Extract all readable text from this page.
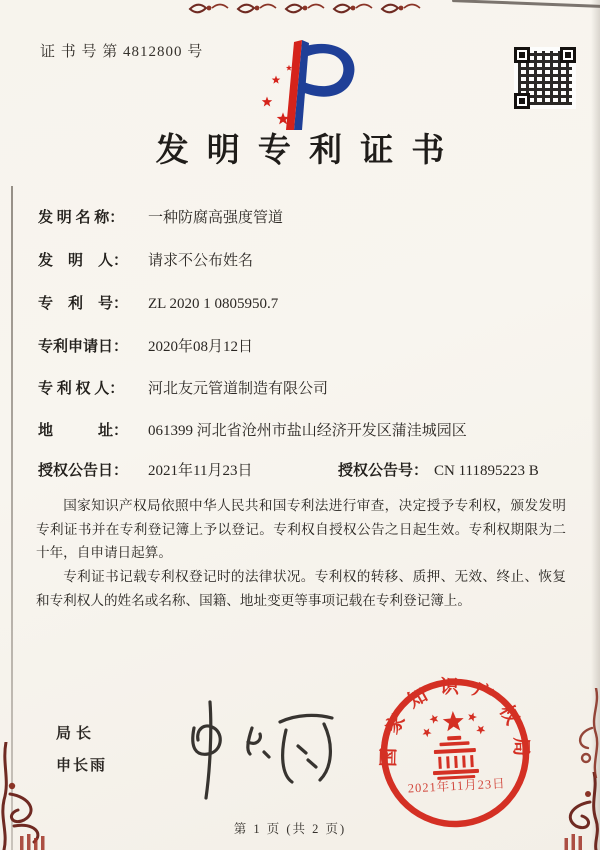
证 书 号 第 4812800 号
发明专利证书
发 明 名 称： 一种防腐高强度管道
发　明　人： 请求不公布姓名
专　利　号： ZL 2020 1 0805950.7
专利申请日： 2020年08月12日
专 利 权 人： 河北友元管道制造有限公司
地　　　址： 061399 河北省沧州市盐山经济开发区蒲洼城园区
授权公告日： 2021年11月23日	授权公告号： CN 111895223 B

国家知识产权局依照中华人民共和国专利法进行审查，决定授予专利权，颁发发明专利证书并在专利登记簿上予以登记。专利权自授权公告之日起生效。专利权期限为二十年，自申请日起算。

专利证书记载专利权登记时的法律状况。专利权的转移、质押、无效、终止、恢复和专利权人的姓名或名称、国籍、地址变更等事项记载在专利登记簿上。

局长
申长雨	国家知识产权局
2021年11月23日
第 1 页 (共 2 页)
